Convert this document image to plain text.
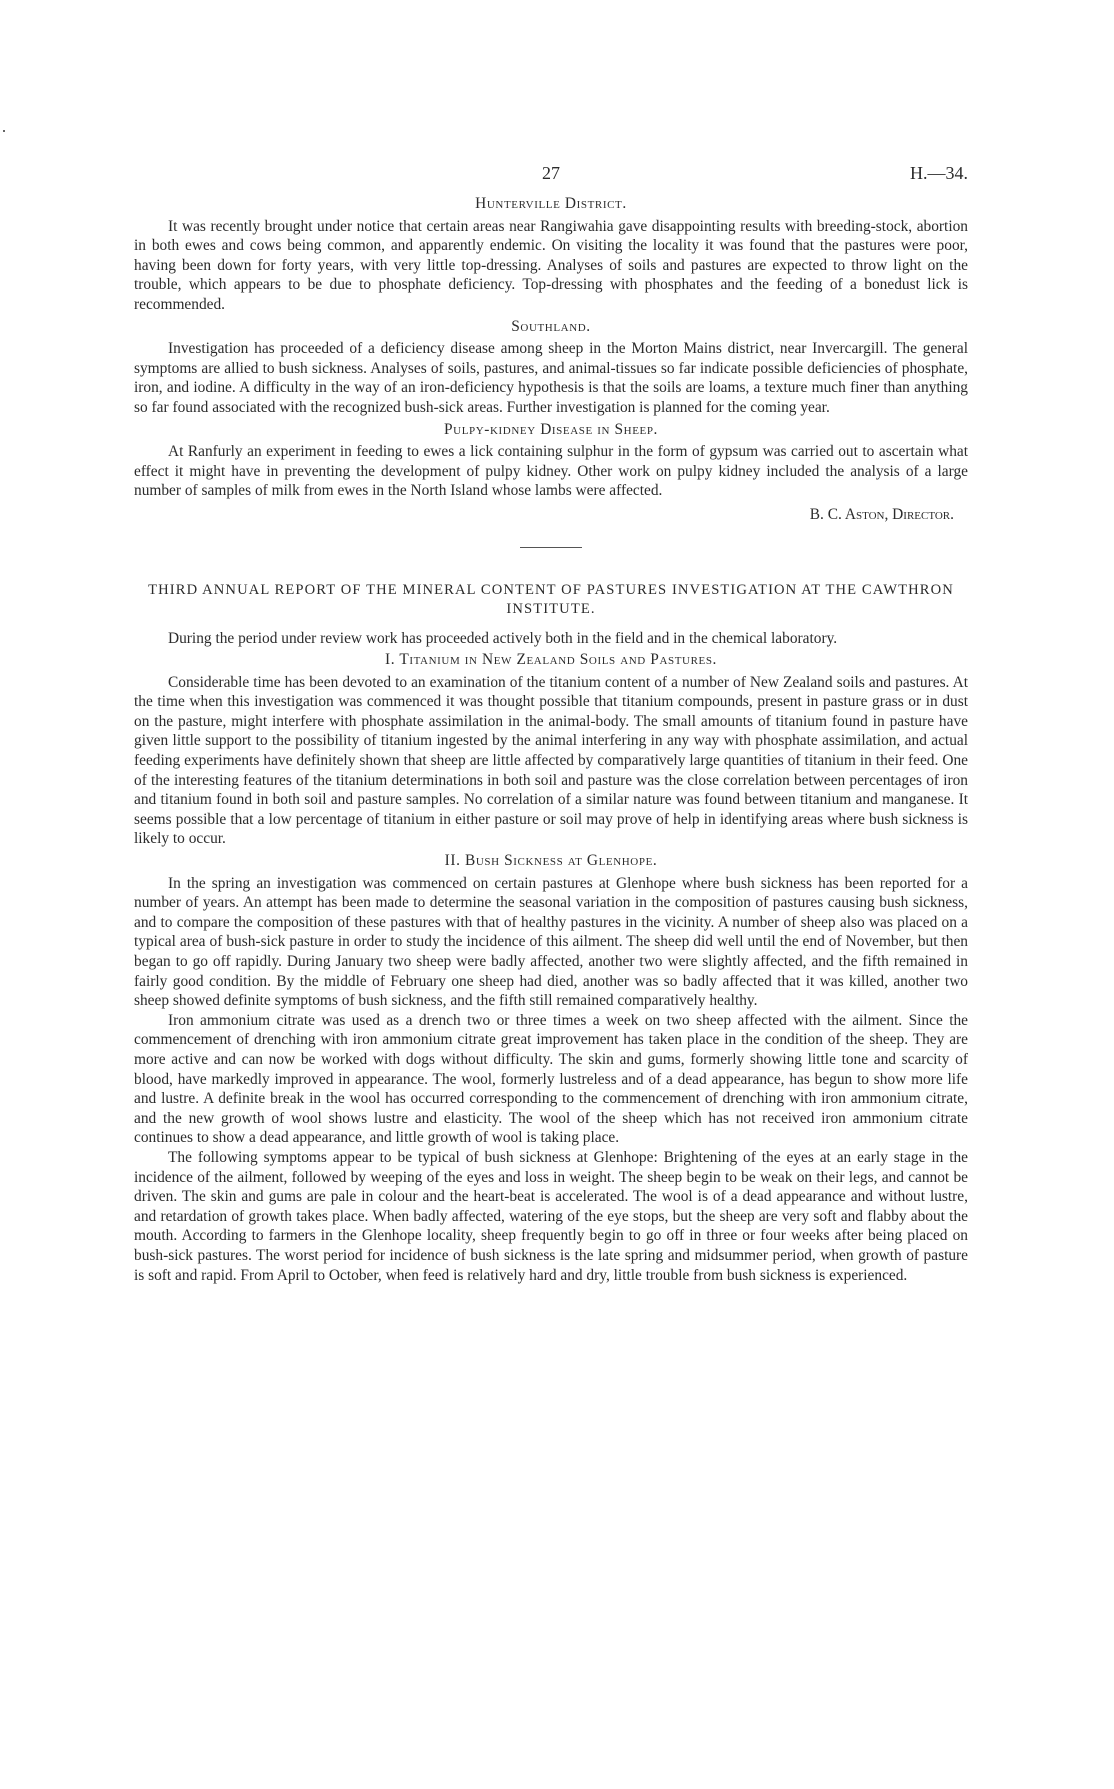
27	H.—34.
Hunterville District.

It was recently brought under notice that certain areas near Rangiwahia gave disappointing results with breeding-stock, abortion in both ewes and cows being common, and apparently endemic. On visiting the locality it was found that the pastures were poor, having been down for forty years, with very little top-dressing. Analyses of soils and pastures are expected to throw light on the trouble, which appears to be due to phosphate deficiency. Top-dressing with phosphates and the feeding of a bonedust lick is recommended.

Southland.

Investigation has proceeded of a deficiency disease among sheep in the Morton Mains district, near Invercargill. The general symptoms are allied to bush sickness. Analyses of soils, pastures, and animal-tissues so far indicate possible deficiencies of phosphate, iron, and iodine. A difficulty in the way of an iron-deficiency hypothesis is that the soils are loams, a texture much finer than anything so far found associated with the recognized bush-sick areas. Further investigation is planned for the coming year.

Pulpy-kidney Disease in Sheep.

At Ranfurly an experiment in feeding to ewes a lick containing sulphur in the form of gypsum was carried out to ascertain what effect it might have in preventing the development of pulpy kidney. Other work on pulpy kidney included the analysis of a large number of samples of milk from ewes in the North Island whose lambs were affected.

B. C. Aston, Director.
THIRD ANNUAL REPORT OF THE MINERAL CONTENT OF PASTURES INVESTIGATION AT THE CAWTHRON INSTITUTE.

During the period under review work has proceeded actively both in the field and in the chemical laboratory.

I. Titanium in New Zealand Soils and Pastures.

Considerable time has been devoted to an examination of the titanium content of a number of New Zealand soils and pastures. At the time when this investigation was commenced it was thought possible that titanium compounds, present in pasture grass or in dust on the pasture, might interfere with phosphate assimilation in the animal-body. The small amounts of titanium found in pasture have given little support to the possibility of titanium ingested by the animal interfering in any way with phosphate assimilation, and actual feeding experiments have definitely shown that sheep are little affected by comparatively large quantities of titanium in their feed. One of the interesting features of the titanium determinations in both soil and pasture was the close correlation between percentages of iron and titanium found in both soil and pasture samples. No correlation of a similar nature was found between titanium and manganese. It seems possible that a low percentage of titanium in either pasture or soil may prove of help in identifying areas where bush sickness is likely to occur.

II. Bush Sickness at Glenhope.

In the spring an investigation was commenced on certain pastures at Glenhope where bush sickness has been reported for a number of years. An attempt has been made to determine the seasonal variation in the composition of pastures causing bush sickness, and to compare the composition of these pastures with that of healthy pastures in the vicinity. A number of sheep also was placed on a typical area of bush-sick pasture in order to study the incidence of this ailment. The sheep did well until the end of November, but then began to go off rapidly. During January two sheep were badly affected, another two were slightly affected, and the fifth remained in fairly good condition. By the middle of February one sheep had died, another was so badly affected that it was killed, another two sheep showed definite symptoms of bush sickness, and the fifth still remained comparatively healthy.

Iron ammonium citrate was used as a drench two or three times a week on two sheep affected with the ailment. Since the commencement of drenching with iron ammonium citrate great improvement has taken place in the condition of the sheep. They are more active and can now be worked with dogs without difficulty. The skin and gums, formerly showing little tone and scarcity of blood, have markedly improved in appearance. The wool, formerly lustreless and of a dead appearance, has begun to show more life and lustre. A definite break in the wool has occurred corresponding to the commencement of drenching with iron ammonium citrate, and the new growth of wool shows lustre and elasticity. The wool of the sheep which has not received iron ammonium citrate continues to show a dead appearance, and little growth of wool is taking place.

The following symptoms appear to be typical of bush sickness at Glenhope: Brightening of the eyes at an early stage in the incidence of the ailment, followed by weeping of the eyes and loss in weight. The sheep begin to be weak on their legs, and cannot be driven. The skin and gums are pale in colour and the heart-beat is accelerated. The wool is of a dead appearance and without lustre, and retardation of growth takes place. When badly affected, watering of the eye stops, but the sheep are very soft and flabby about the mouth. According to farmers in the Glenhope locality, sheep frequently begin to go off in three or four weeks after being placed on bush-sick pastures. The worst period for incidence of bush sickness is the late spring and midsummer period, when growth of pasture is soft and rapid. From April to October, when feed is relatively hard and dry, little trouble from bush sickness is experienced.
